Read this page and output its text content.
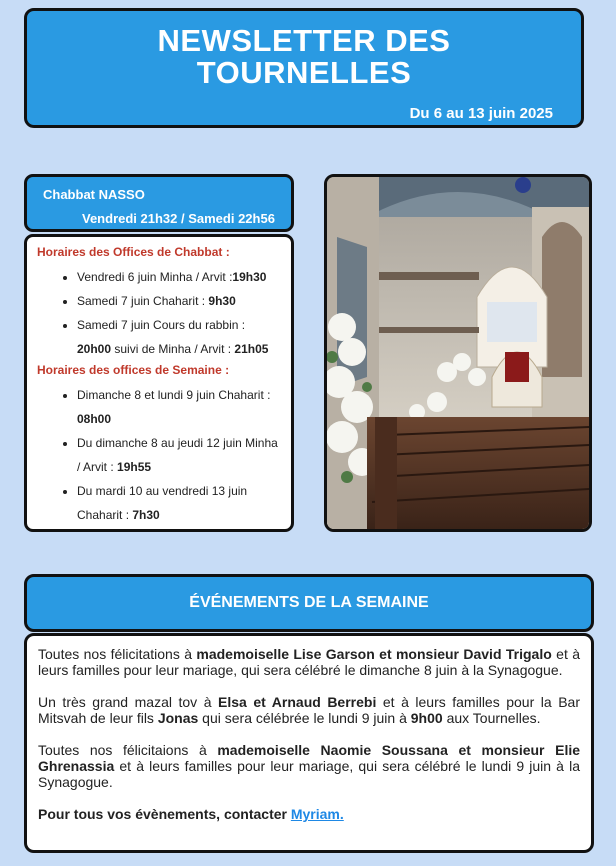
NEWSLETTER DES
TOURNELLES
Du 6 au 13 juin 2025
Chabbat NASSO
Vendredi 21h32 / Samedi 22h56
Horaires des Offices de Chabbat :
• Vendredi 6 juin Minha / Arvit :19h30
• Samedi 7 juin Chaharit : 9h30
• Samedi 7 juin Cours du rabbin :
20h00 suivi de Minha / Arvit : 21h05
Horaires des offices de Semaine :
• Dimanche 8 et lundi 9 juin Chaharit :
08h00
• Du dimanche 8 au jeudi 12 juin Minha / Arvit : 19h55
• Du mardi 10 au vendredi 13 juin Chaharit : 7h30
ÉVÉNEMENTS DE LA SEMAINE

Toutes nos félicitations à mademoiselle Lise Garson et monsieur David Trigalo et à leurs familles pour leur mariage, qui sera célébré le dimanche 8 juin à la Synagogue.

Un très grand mazal tov à Elsa et Arnaud Berrebi et à leurs familles pour la Bar Mitsvah de leur fils Jonas qui sera célébrée le lundi 9 juin à 9h00 aux Tournelles.

Toutes nos félicitaions à mademoiselle Naomie Soussana et monsieur Elie Ghrenassia et à leurs familles pour leur mariage, qui sera célébré le lundi 9 juin à la Synagogue.

Pour tous vos évènements, contacter Myriam.
